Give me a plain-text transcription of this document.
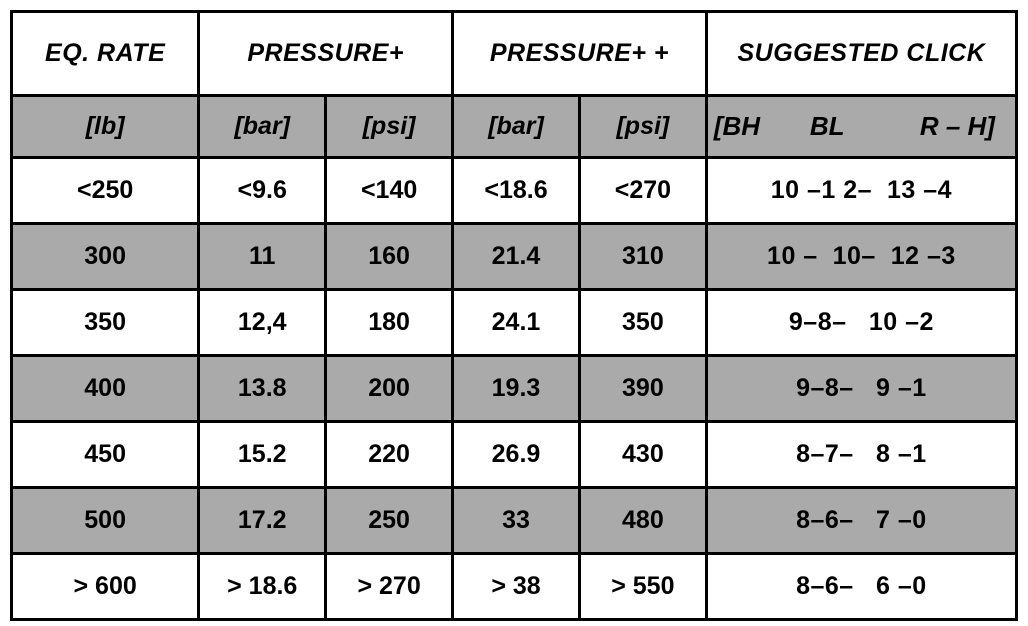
EQ. RATE	PRESSURE+		PRESSURE+ +		SUGGESTED CLICK
[lb]	[bar]	[psi]	[bar]	[psi]	[BH BL R – H]
<250	<9.6	<140	<18.6	<270	10 –1 2–  13 –4
300	11	160	21.4	310	10 –  10–  12 –3
350	12,4	180	24.1	350	9–8–   10 –2
400	13.8	200	19.3	390	9–8–   9 –1
450	15.2	220	26.9	430	8–7–   8 –1
500	17.2	250	33	480	8–6–   7 –0
> 600	> 18.6	> 270	> 38	> 550	8–6–   6 –0
